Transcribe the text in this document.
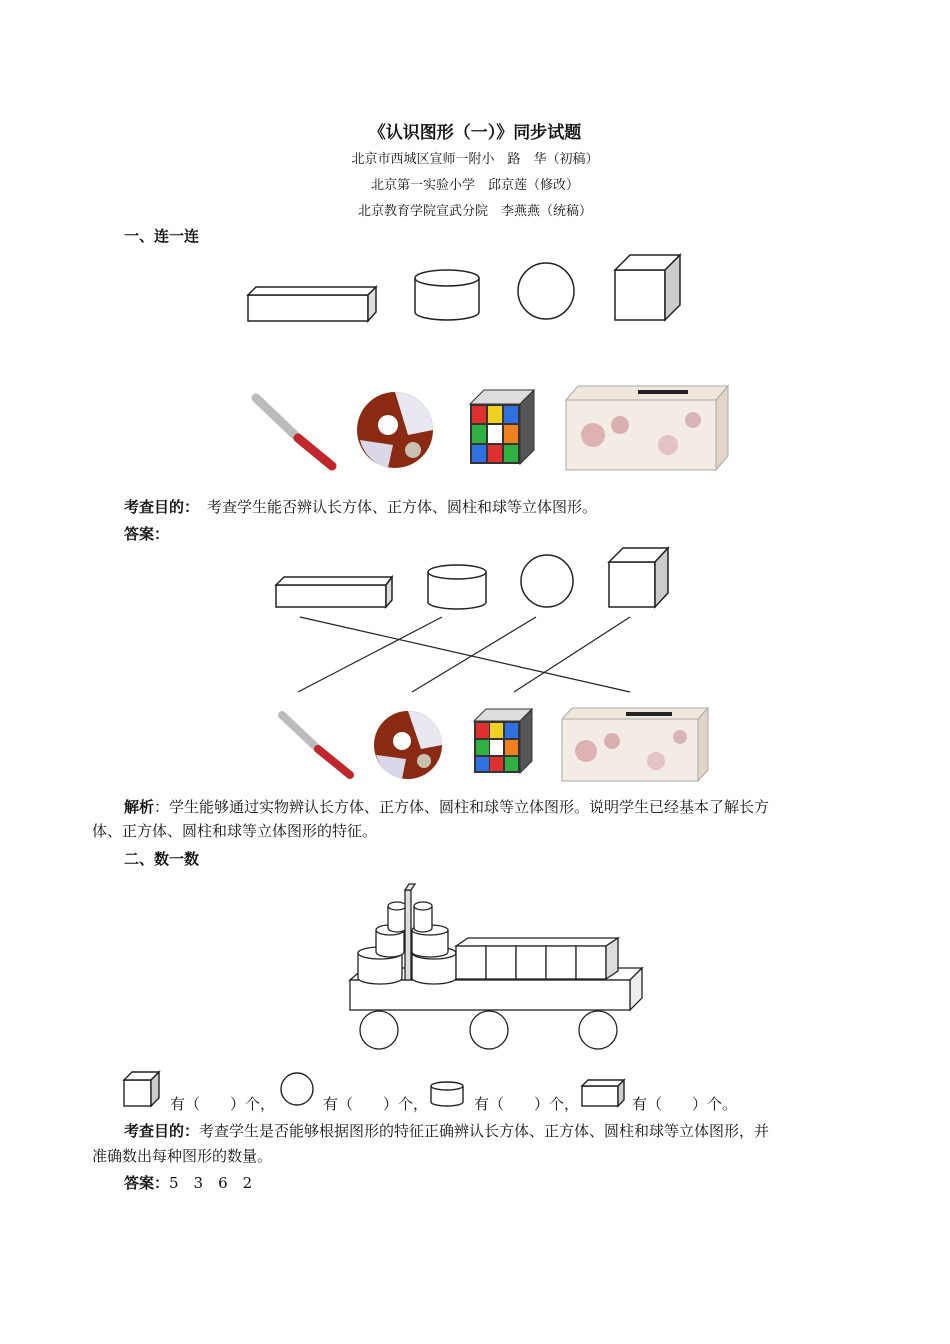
《认识图形（一）》同步试题
北京市西城区宣师一附小　路　华（初稿）
北京第一实验小学　邱京莲（修改）
北京教育学院宣武分院　李燕燕（统稿）
一、连一连
考查目的： 考查学生能否辨认长方体、正方体、圆柱和球等立体图形。
答案：
解析：学生能够通过实物辨认长方体、正方体、圆柱和球等立体图形。说明学生已经基本了解长方
体、正方体、圆柱和球等立体图形的特征。
二、数一数
有（　　）个，	有（　　）个，	有（　　）个，	有（　　）个。
考查目的：考查学生是否能够根据图形的特征正确辨认长方体、正方体、圆柱和球等立体图形，并
准确数出每种图形的数量。
答案：5　3　6　2
